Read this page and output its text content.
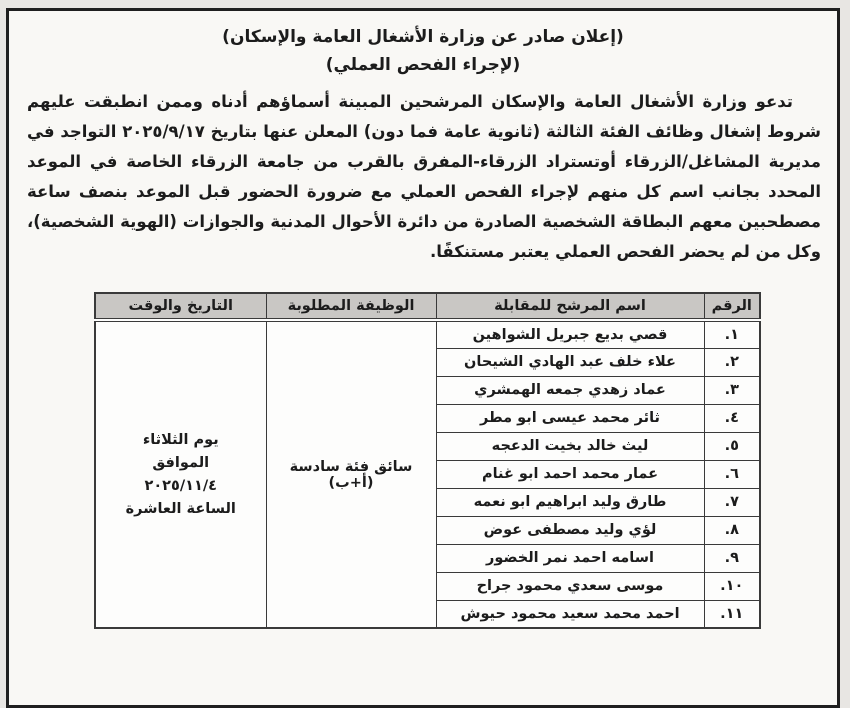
(إعلان صادر عن وزارة الأشغال العامة والإسكان)
(لإجراء الفحص العملي)
تدعو وزارة الأشغال العامة والإسكان المرشحين المبينة أسماؤهم أدناه وممن انطبقت عليهم شروط إشغال وظائف الفئة الثالثة (ثانوية عامة فما دون) المعلن عنها بتاريخ ٢٠٢٥/٩/١٧ التواجد في مديرية المشاغل/الزرقاء أوتستراد الزرقاء-المفرق بالقرب من جامعة الزرقاء الخاصة في الموعد المحدد بجانب اسم كل منهم لإجراء الفحص العملي مع ضرورة الحضور قبل الموعد بنصف ساعة مصطحبين معهم البطاقة الشخصية الصادرة من دائرة الأحوال المدنية والجوازات (الهوية الشخصية)، وكل من لم يحضر الفحص العملي يعتبر مستنكفًا.
الرقم	اسم المرشح للمقابلة	الوظيفة المطلوبة	التاريخ والوقت
١.	قصي بديع جبريل الشواهين	سائق فئة سادسة (أ+ب)	يوم الثلاثاء
الموافق
٢٠٢٥/١١/٤
الساعة العاشرة

٢.	علاء خلف عبد الهادي الشيحان		
٣.	عماد زهدي جمعه الهمشري		
٤.	ثائر محمد عيسى ابو مطر		
٥.	ليث خالد بخيت الدعجه		
٦.	عمار محمد احمد ابو غنام		
٧.	طارق وليد ابراهيم ابو نعمه		
٨.	لؤي وليد مصطفى عوض		
٩.	اسامه احمد نمر الخضور		
١٠.	موسى سعدي محمود جراح		
١١.	احمد محمد سعيد محمود حيوش		
